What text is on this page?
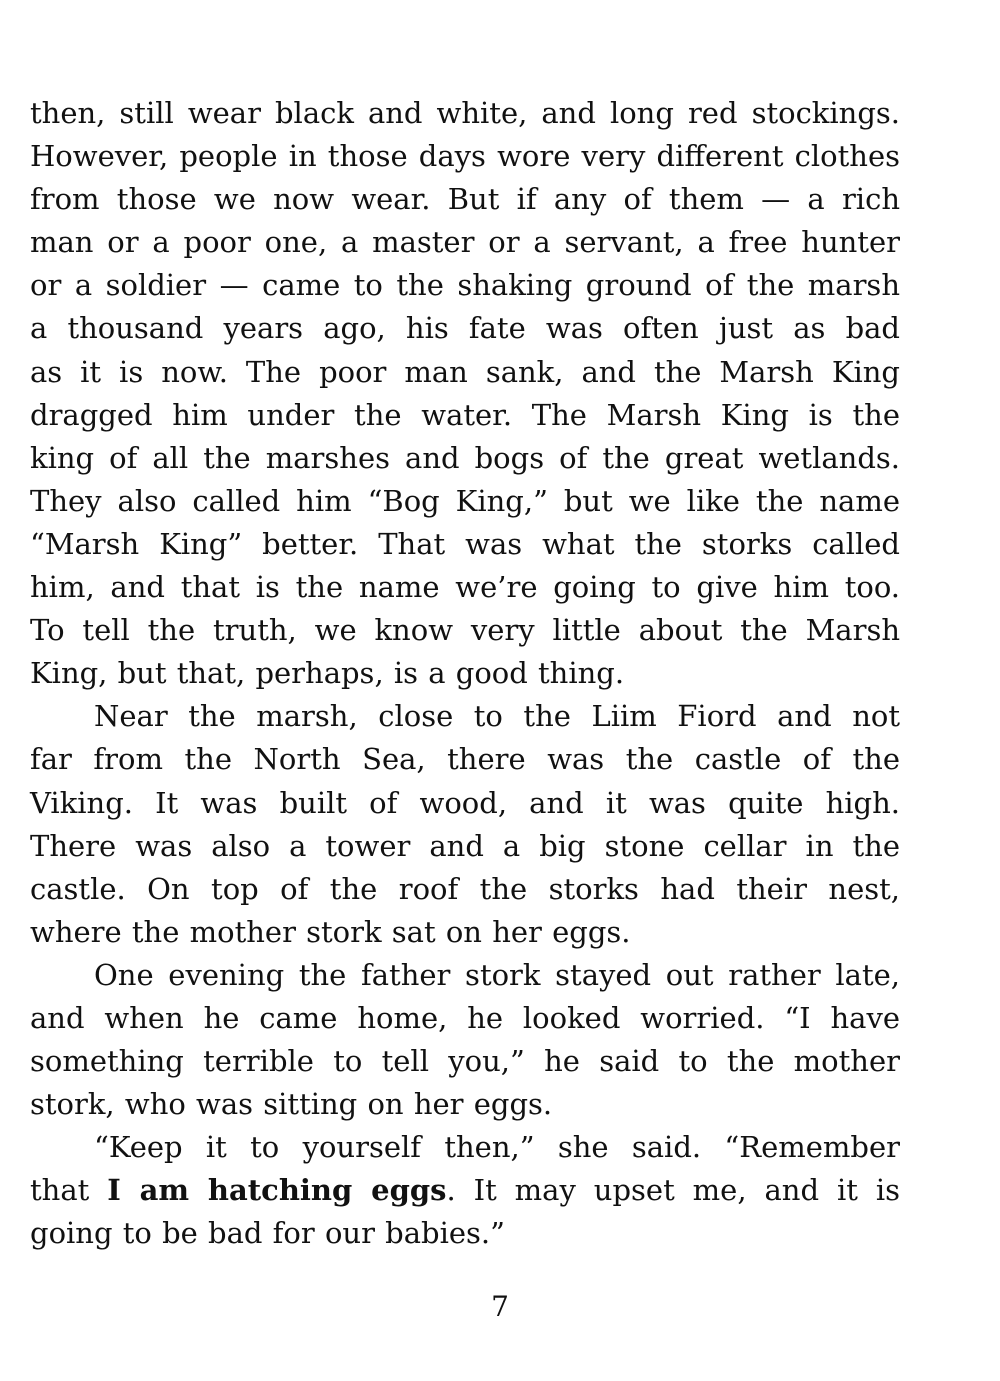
then, still wear black and white, and long red stockings.
However, people in those days wore very different clothes
from those we now wear. But if any of them — a rich
man or a poor one, a master or a servant, a free hunter
or a soldier — came to the shaking ground of the marsh
a thousand years ago, his fate was often just as bad
as it is now. The poor man sank, and the Marsh King
dragged him under the water. The Marsh King is the
king of all the marshes and bogs of the great wetlands.
They also called him “Bog King,” but we like the name
“Marsh King” better. That was what the storks called
him, and that is the name we’re going to give him too.
To tell the truth, we know very little about the Marsh
King, but that, perhaps, is a good thing.
Near the marsh, close to the Liim Fiord and not
far from the North Sea, there was the castle of the
Viking. It was built of wood, and it was quite high.
There was also a tower and a big stone cellar in the
castle. On top of the roof the storks had their nest,
where the mother stork sat on her eggs.
One evening the father stork stayed out rather late,
and when he came home, he looked worried. “I have
something terrible to tell you,” he said to the mother
stork, who was sitting on her eggs.
“Keep it to yourself then,” she said. “Remember
that I am hatching eggs. It may upset me, and it is
going to be bad for our babies.”
7
